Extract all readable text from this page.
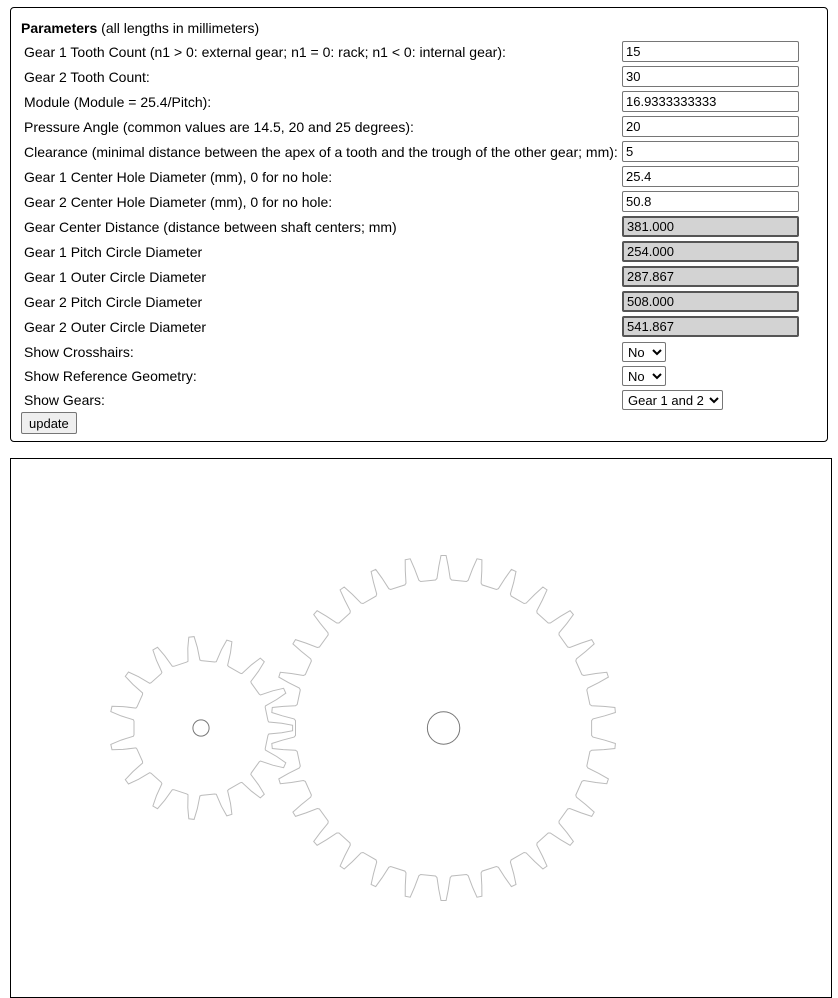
Parameters (all lengths in millimeters)
Gear 1 Tooth Count (n1 > 0: external gear; n1 = 0: rack; n1 < 0: internal gear):
15
Gear 2 Tooth Count:
30
Module (Module = 25.4/Pitch):
16.9333333333
Pressure Angle (common values are 14.5, 20 and 25 degrees):
20
Clearance (minimal distance between the apex of a tooth and the trough of the other gear; mm):
5
Gear 1 Center Hole Diameter (mm), 0 for no hole:
25.4
Gear 2 Center Hole Diameter (mm), 0 for no hole:
50.8
Gear Center Distance (distance between shaft centers; mm)
381.000
Gear 1 Pitch Circle Diameter
254.000
Gear 1 Outer Circle Diameter
287.867
Gear 2 Pitch Circle Diameter
508.000
Gear 2 Outer Circle Diameter
541.867
Show Crosshairs:
No
Show Reference Geometry:
No
Show Gears:
Gear 1 and 2
update
